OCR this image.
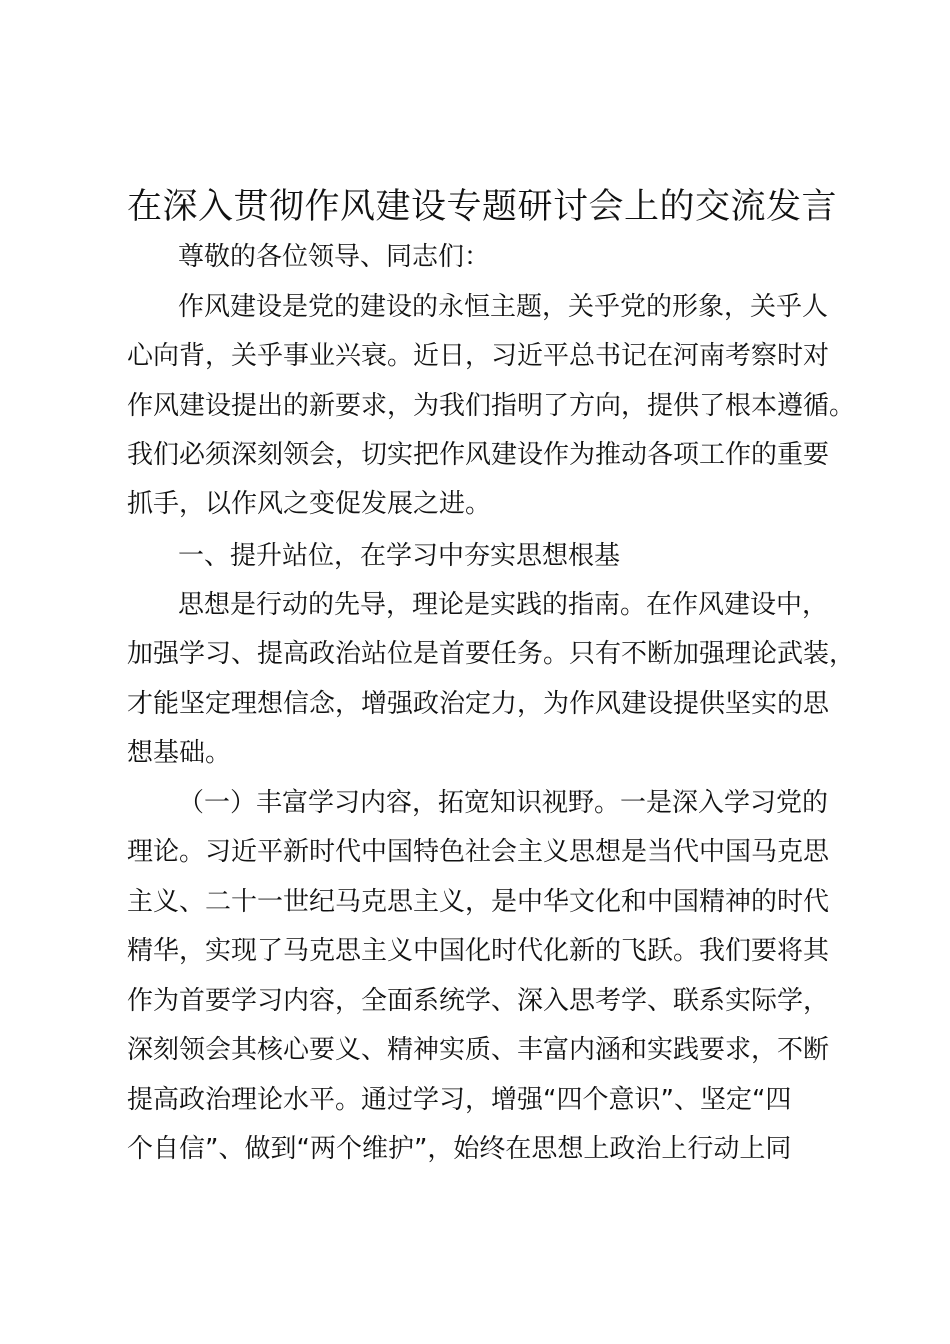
在深入贯彻作风建设专题研讨会上的交流发言

尊敬的各位领导、同志们：

作风建设是党的建设的永恒主题，关乎党的形象，关乎人

心向背，关乎事业兴衰。近日，习近平总书记在河南考察时对

作风建设提出的新要求，为我们指明了方向，提供了根本遵循。

我们必须深刻领会，切实把作风建设作为推动各项工作的重要

抓手，以作风之变促发展之进。

一、提升站位，在学习中夯实思想根基

思想是行动的先导，理论是实践的指南。在作风建设中，

加强学习、提高政治站位是首要任务。只有不断加强理论武装，

才能坚定理想信念，增强政治定力，为作风建设提供坚实的思

想基础。

（一）丰富学习内容，拓宽知识视野。一是深入学习党的

理论。习近平新时代中国特色社会主义思想是当代中国马克思

主义、二十一世纪马克思主义，是中华文化和中国精神的时代

精华，实现了马克思主义中国化时代化新的飞跃。我们要将其

作为首要学习内容，全面系统学、深入思考学、联系实际学，

深刻领会其核心要义、精神实质、丰富内涵和实践要求，不断

提高政治理论水平。通过学习，增强“四个意识”、坚定“四

个自信”、做到“两个维护”，始终在思想上政治上行动上同
